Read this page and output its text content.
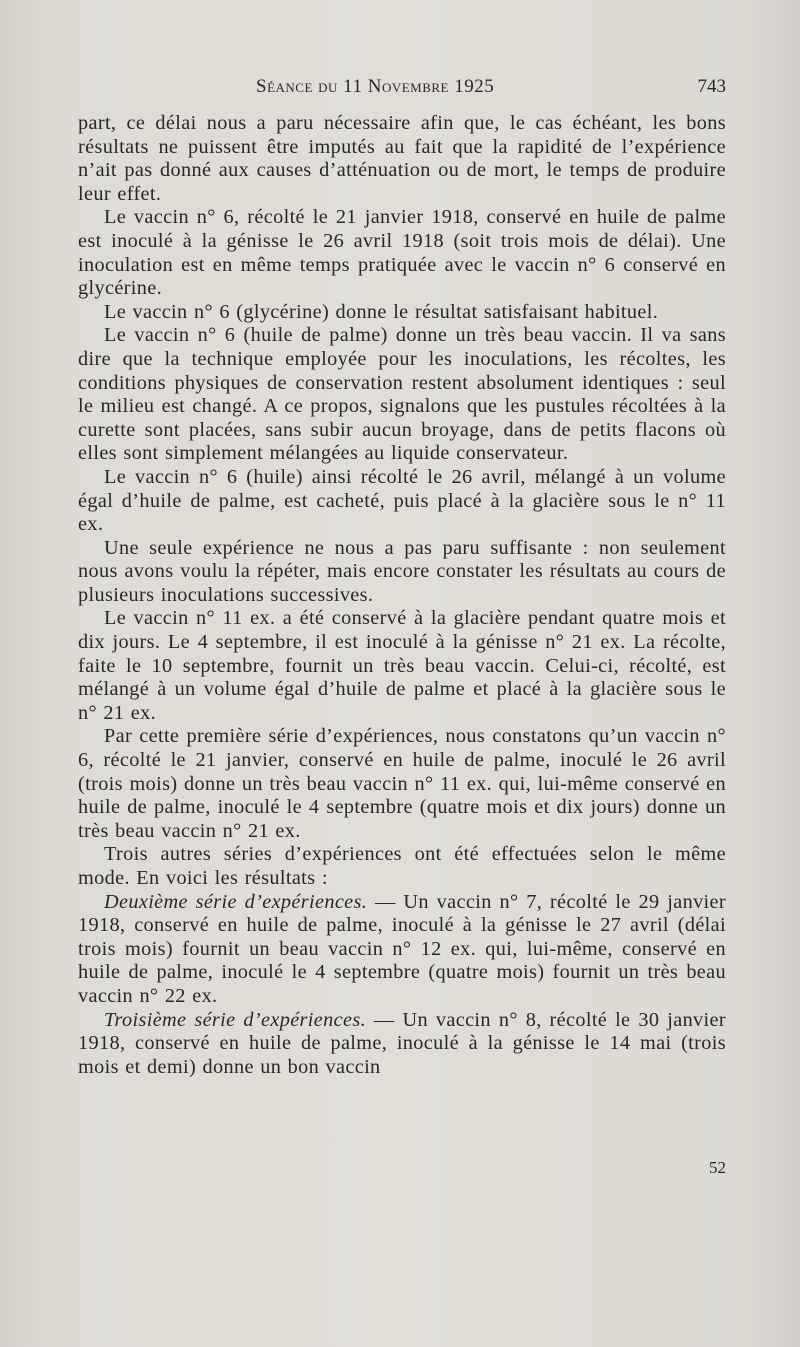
Séance du 11 Novembre 1925	743

part, ce délai nous a paru nécessaire afin que, le cas échéant, les bons résultats ne puissent être imputés au fait que la rapidité de l’expérience n’ait pas donné aux causes d’atténuation ou de mort, le temps de produire leur effet.

Le vaccin n° 6, récolté le 21 janvier 1918, conservé en huile de palme est inoculé à la génisse le 26 avril 1918 (soit trois mois de délai). Une inoculation est en même temps pratiquée avec le vaccin n° 6 conservé en glycérine.

Le vaccin n° 6 (glycérine) donne le résultat satisfaisant habituel.

Le vaccin n° 6 (huile de palme) donne un très beau vaccin. Il va sans dire que la technique employée pour les inoculations, les récoltes, les conditions physiques de conservation restent absolument identiques : seul le milieu est changé. A ce propos, signalons que les pustules récoltées à la curette sont placées, sans subir aucun broyage, dans de petits flacons où elles sont simplement mélangées au liquide conservateur.

Le vaccin n° 6 (huile) ainsi récolté le 26 avril, mélangé à un volume égal d’huile de palme, est cacheté, puis placé à la glacière sous le n° 11 ex.

Une seule expérience ne nous a pas paru suffisante : non seulement nous avons voulu la répéter, mais encore constater les résultats au cours de plusieurs inoculations successives.

Le vaccin n° 11 ex. a été conservé à la glacière pendant quatre mois et dix jours. Le 4 septembre, il est inoculé à la génisse n° 21 ex. La récolte, faite le 10 septembre, fournit un très beau vaccin. Celui-ci, récolté, est mélangé à un volume égal d’huile de palme et placé à la glacière sous le n° 21 ex.

Par cette première série d’expériences, nous constatons qu’un vaccin n° 6, récolté le 21 janvier, conservé en huile de palme, inoculé le 26 avril (trois mois) donne un très beau vaccin n° 11 ex. qui, lui-même conservé en huile de palme, inoculé le 4 septembre (quatre mois et dix jours) donne un très beau vaccin n° 21 ex.

Trois autres séries d’expériences ont été effectuées selon le même mode. En voici les résultats :

Deuxième série d’expériences. — Un vaccin n° 7, récolté le 29 janvier 1918, conservé en huile de palme, inoculé à la génisse le 27 avril (délai trois mois) fournit un beau vaccin n° 12 ex. qui, lui-même, conservé en huile de palme, inoculé le 4 septembre (quatre mois) fournit un très beau vaccin n° 22 ex.

Troisième série d’expériences. — Un vaccin n° 8, récolté le 30 janvier 1918, conservé en huile de palme, inoculé à la génisse le 14 mai (trois mois et demi) donne un bon vaccin

52
